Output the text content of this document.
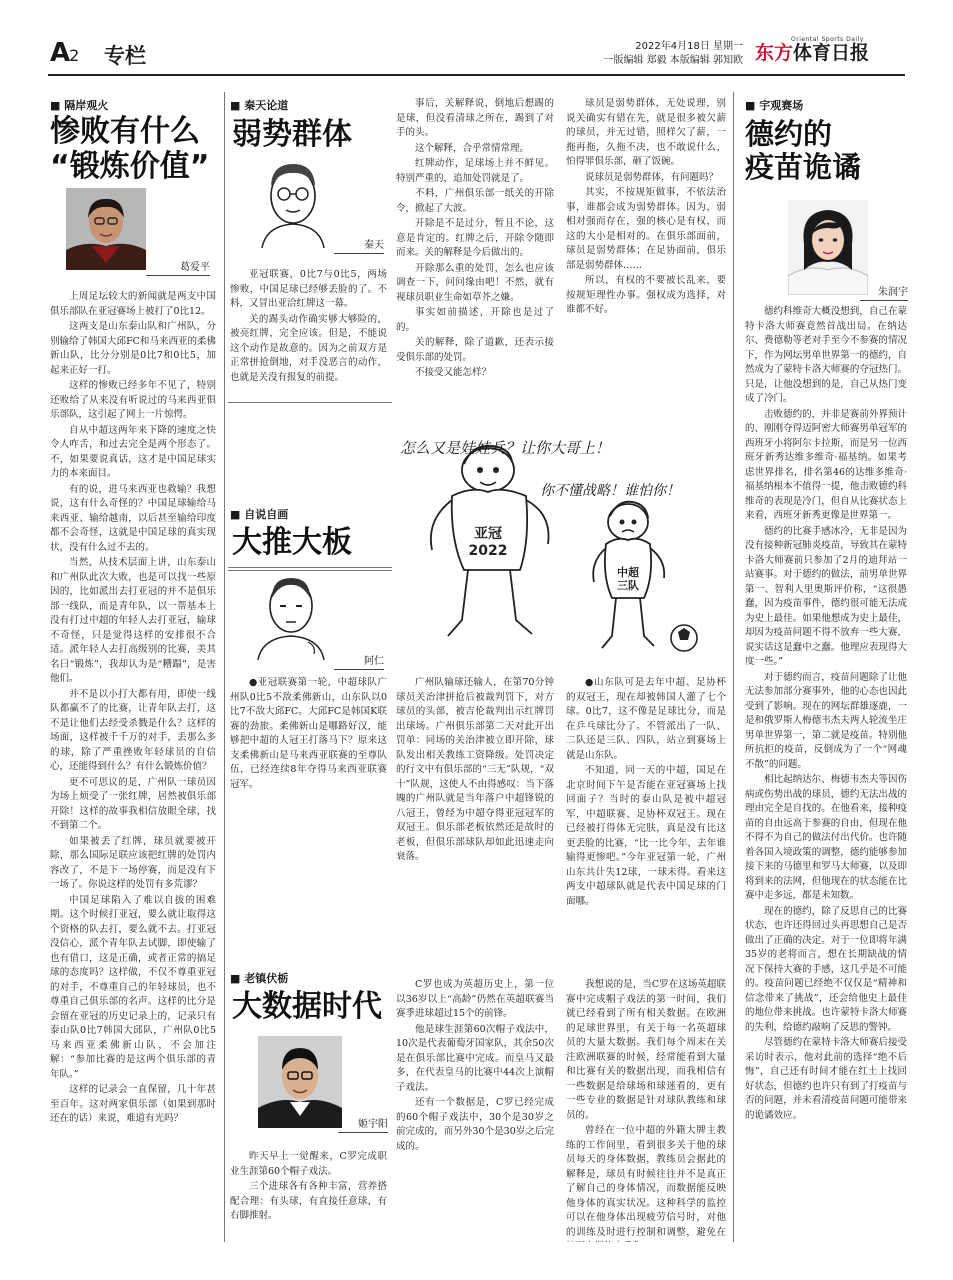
A2 专栏	2022年4月18日 星期一
一版编辑 郑毅 本版编辑 郭知欧
Oriental Sports Daily
东方体育日报
■ 隔岸观火
惨败有什么
“锻炼价值”
葛爱平

上周足坛较大的新闻就是两支中国俱乐部队在亚冠赛场上被打了0比12。

这两支是山东泰山队和广州队，分别输给了韩国大邱FC和马来西亚的柔佛新山队，比分分别是0比7和0比5，加起来正好一打。

这样的惨败已经多年不见了，特别还败给了从来没有听说过的马来西亚俱乐部队，这引起了网上一片惊愕。

自从中超这两年来下降的速度之快令人咋舌，和过去完全是两个形态了。不，如果要说真话，这才是中国足球实力的本来面目。

有的说，进马来西亚也救输？我想说，这有什么奇怪的？中国足球输给马来西亚、输给越南，以后甚至输给印度都不会奇怪，这就是中国足球的真实现状，没有什么过不去的。

当然，从技术层面上讲，山东泰山和广州队此次大败，也是可以找一些原因的，比如派出去打亚冠的并不是俱乐部一线队，而是青年队，以一帮基本上没有打过中超的年轻人去打亚冠，输球不奇怪，只是觉得这样的安排很不合适。派年轻人去打高级别的比赛，美其名曰“锻炼”，我却认为是“糟蹋”，是害他们。

并不是以小打大都有用，即使一线队都赢不了的比赛，让青年队去打，这不是让他们去经受杀戮是什么？这样的场面，这样被千千万的对手，丢那么多的球，除了严重挫败年轻球员的自信心，还能得到什么？有什么锻炼价值？

更不可思议的是，广州队一球员因为场上烦受了一张红牌，居然被俱乐部开除！这样的故事我相信放眼全球，找不到第二个。

如果被丢了红牌，球员就要被开除，那么国际足联应该把红牌的处罚内容改了，不是下一场停赛，而是没有下一场了。你说这样的处罚有多荒谬？

中国足球陷入了难以自拔的困难期。这个时候打亚冠，要么就让取得这个资格的队去打，要么就不去。打亚冠没信心，派个青年队去试脚，即使输了也有借口，这是正确，或者正常的搞足球的态度吗？这样做，不仅不尊重亚冠的对手，不尊重自己的年轻球员，也不尊重自己俱乐部的名声。这样的比分是会留在亚冠的历史记录上的，记录只有泰山队0比7韩国大邱队，广州队0比5马来西亚柔佛新山队，不会加注解：“参加比赛的是这两个俱乐部的青年队。”

这样的记录会一直保留，几十年甚至百年。这对两家俱乐部（如果到那时还在的话）来说，难道有光吗？

■ 秦天论道
弱势群体
秦天

亚冠联赛，0比7与0比5，两场惨败，中国足球已经够丢脸的了。不料，又冒出亚洽红牌这一幕。

关的踢头动作确实够大够险的，被亮红牌，完全应该。但是，不能说这个动作是故意的。因为之前双方是正常拼抢倒地，对手没恶言的动作，也就是关没有报复的前提。

事后，关解释说，倒地后想踢的是球，但没看清球之所在，踢到了对手的头。

这个解释，合乎常情常理。

红牌动作，足球场上并不鲜见。特别严重的，追加处罚就是了。

不料，广州俱乐部一纸关的开除令，掀起了大波。

开除是不是过分，暂且不论，这意是肯定的。红牌之后，开除令随即而来。关的解释是今后做出的。

开除那么重的处罚，怎么也应该调查一下，问问缘由吧！不然，就有视球员职业生命如草芥之嫌。

事实如前描述，开除也是过了的。

关的解释，除了道歉，还表示接受俱乐部的处罚。

不接受又能怎样？

球员是弱势群体，无处说理，别说关确实有错在先，就是很多被欠薪的球员，并无过错，照样欠了薪，一拖再拖，久拖不决，也不敢说什么，怕得罪俱乐部，砸了饭碗。

说球员是弱势群体，有问题吗？

其实，不按规矩做事，不依法治事，谁都会成为弱势群体。因为，弱相对强而存在，强的核心是有权，而这的大小是相对的。在俱乐部面前，球员是弱势群体；在足协面前，俱乐部是弱势群体……

所以，有权的不要被长乱来，要按规矩理性办事。强权成为选择，对谁都不好。

■ 宇观赛场
德约的
疫苗诡谲
朱润宇

德约科维奇大概没想到，自己在蒙特卡洛大师赛竟然首战出局。在纳达尔、费德勒等老对手至今不参赛的情况下，作为网坛男单世界第一的德约，自然成为了蒙特卡洛大师赛的夺冠热门。只是，让他没想到的是，自己从热门变成了冷门。

击败德约的，并非是赛前外界预计的、刚刚夺得迈阿密大师赛男单冠军的西班牙小将阿尔卡拉斯，而是另一位西班牙新秀达维多维奇·福基纳。如果考虑世界排名，排名第46的达维多维奇·福基纳根本不值得一提，他击败德约科维奇的表现是冷门，但自从比赛状态上来看，西班牙新秀更像是世界第一。

德约的比赛手感冰冷，无非是因为没有接种新冠肺炎疫苗，导致其在蒙特卡洛大师赛前只参加了2月的迪拜站一站赛事。对于德约的做法，前男单世界第一、智利人里奥斯评价称，“这很愚蠢，因为疫苗事件，德约很可能无法成为史上最佳。如果他想成为史上最佳，却因为疫苗问题不得不放弃一些大赛，说实话这是蠢中之蠢。他理应表现得大度一些。”

对于德约而言，疫苗问题除了让他无法参加部分赛事外，他的心态也因此受到了影响。现在的网坛群雄逐鹿，一是和俄罗斯人梅德韦杰夫两人轮流坐庄男单世界第一，第二就是疫苗。特别他所抗拒的疫苗，反倒成为了一个“网魂不散”的问题。

相比起纳达尔、梅德韦杰夫等因伤病或伤势出战的球员，德约无法出战的理由完全是自找的。在他看来，接种疫苗的自由远高于参赛的自由，但现在他不得不为自己的做法付出代价。也许随着各国入境政策的调整，德约能够参加接下来的马德里和罗马大师赛，以及即将到来的法网，但他现在的状态能在比赛中走多远，都是未知数。

现在的德约，除了反思自己的比赛状态，也许还得回过头再思想自己是否做出了正确的决定。对于一位即将年满35岁的老将而言，想在长期缺战的情况下保持大赛的手感，这几乎是不可能的。疫苗问题已经绝不仅仅是“精神和信念带来了挑战”，还会给他史上最佳的地位带来挑战。也许蒙特卡洛大师赛的失利，给德约敲响了反思的警钟。

尽管德约在蒙特卡洛大师赛后接受采访时表示，他对此前的选择“绝不后悔”，自己还有时间才能在红土上找回好状态，但德约也许只有到了打疫苗与否的问题，并未看清疫苗问题可能带来的诡谲效应。

■ 自说自画
大推大板
阿仁
亚冠 2022
中超三队
怎么又是娃娃兵？让你大哥上！
你不懂战略！谁怕你！

●亚冠联赛第一轮，中超球队广州队0比5不敌柔佛新山，山东队以0比7不敌大邱FC。大邱FC是韩国K联赛的劲旅。柔佛新山是哪路好汉，能够把中超的人冠王打落马下？原来这支柔佛新山是马来西亚联赛的至尊队伍，已经连续8年夺得马来西亚联赛冠军。

广州队输球还输人，在第70分钟球员关治津拼抢后被裁判罚下，对方球员的头部，被吉伦裁判出示红牌罚出球场。广州俱乐部第二天对此开出罚单：同场的关治津被立即开除，球队发出相关教练工资降级。处罚决定的行文中有俱乐部的“三无”队规，“双十”队规，这使人不由得感叹：当下落魄的广州队就是当年落户中超锋锐的八冠王，曾经为中超夺得亚冠冠军的双冠王。俱乐部老板依然还是故时的老板，但俱乐部球队却如此迅速走向衰落。

●山东队可是去年中超、足协杯的双冠王，现在却被韩国人灌了七个球。0比7，这不像是足球比分，而是在乒乓球比分了。不管派出了一队、二队还是三队、四队，站立到赛场上就是山东队。

不知道，同一天的中超，国足在北京时间下午是否能在亚冠赛场上找回面子？当时的泰山队是被中超冠军，中超联赛、足协杯双冠王。现在已经被打得体无完肤，真是没有比这更丢脸的比赛，“比一比今年、去年谁输得更惨吧。”今年亚冠第一轮，广州山东共计失12球，一球未得。看来这两支中超球队就是代表中国足球的门面哪。

■ 老镇伏栃
大数据时代
姬宇阳

昨天早上一觉醒来，C罗完成职业生涯第60个帽子戏法。

三个进球各有各种丰富，营养搭配合理：有头球，有直接任意球，有右脚推射。

C罗也成为英超历史上，第一位以36岁以上“高龄”仍然在英超联赛当赛季进球超过15个的前锋。

他是球生涯第60次帽子戏法中，10次是代表葡萄牙国家队，其余50次是在俱乐部比赛中完成。而皇马又最多，在代表皇马的比赛中44次上演帽子戏法。

还有一个数据是，C罗已经完成的60个帽子戏法中，30个是30岁之前完成的，而另外30个是30岁之后完成的。

我想说的是，当C罗在这场英超联赛中完成帽子戏法的第一时间，我们就已经看到了所有相关数据。在欧洲的足球世界里，有关于每一名英超球员的大量大数据。我们每个周末在关注欧洲联赛的时候，经常能看到大量和比赛有关的数据出现，而我相信有一些数据是给球场和球迷看的，更有一些专业的数据是针对球队教练和球员的。

曾经在一位中超的外籍大牌主教练的工作间里，看到很多关于他的球员每天的身体数据，教练员会据此的解释是，球员有时候往往并不是真正了解自己的身体情况，而数据能反映他身体的真实状况。这种科学的监控可以在他身体出现疲劳信号时，对他的训练及时进行控制和调整，避免在
